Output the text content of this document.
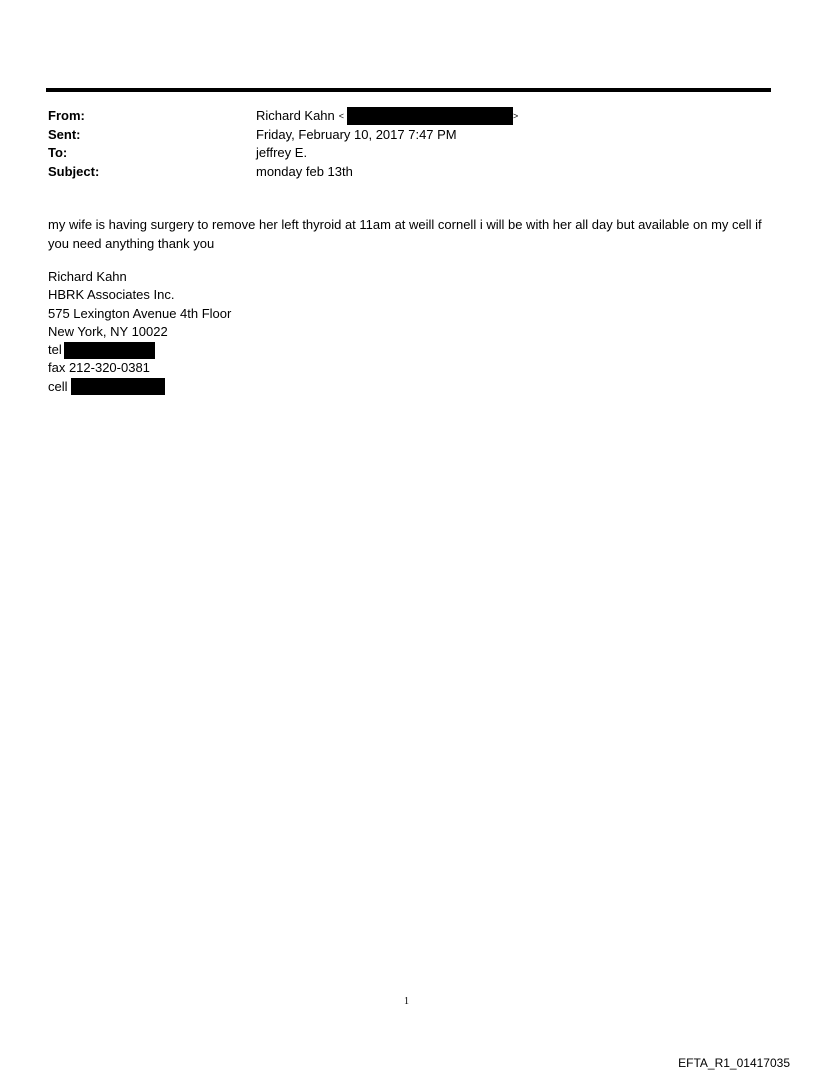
From:	Richard Kahn <	>
Sent:	Friday, February 10, 2017 7:47 PM
To:	jeffrey E.
Subject:	monday feb 13th
my wife is having surgery to remove her left thyroid at 11am at weill cornell i will be with her all day but available on my cell if you need anything thank you
Richard Kahn
HBRK Associates Inc.
575 Lexington Avenue 4th Floor
New York, NY 10022
tel
fax 212-320-0381
cell
1
EFTA_R1_01417035
